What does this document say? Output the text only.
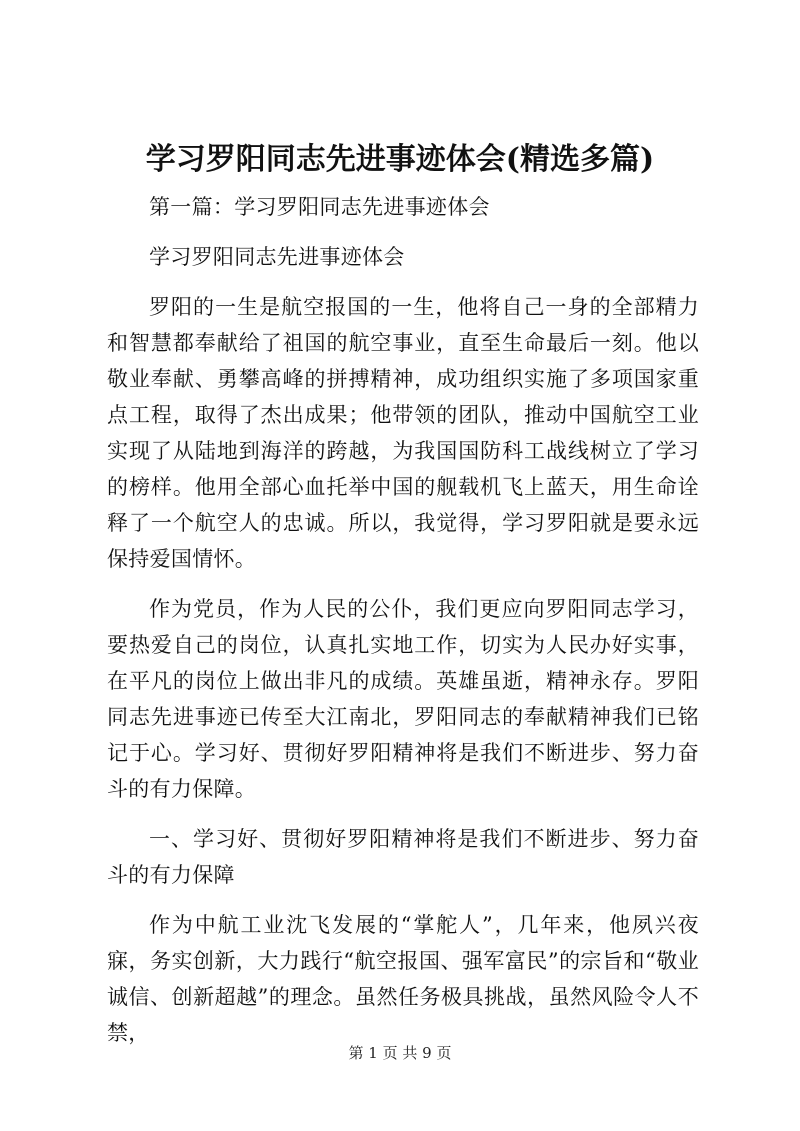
学习罗阳同志先进事迹体会(精选多篇)

第一篇：学习罗阳同志先进事迹体会

学习罗阳同志先进事迹体会

罗阳的一生是航空报国的一生，他将自己一身的全部精力和智慧都奉献给了祖国的航空事业，直至生命最后一刻。他以敬业奉献、勇攀高峰的拼搏精神，成功组织实施了多项国家重点工程，取得了杰出成果；他带领的团队，推动中国航空工业实现了从陆地到海洋的跨越，为我国国防科工战线树立了学习的榜样。他用全部心血托举中国的舰载机飞上蓝天，用生命诠释了一个航空人的忠诚。所以，我觉得，学习罗阳就是要永远保持爱国情怀。

作为党员，作为人民的公仆，我们更应向罗阳同志学习，要热爱自己的岗位，认真扎实地工作，切实为人民办好实事，在平凡的岗位上做出非凡的成绩。英雄虽逝，精神永存。罗阳同志先进事迹已传至大江南北，罗阳同志的奉献精神我们已铭记于心。学习好、贯彻好罗阳精神将是我们不断进步、努力奋斗的有力保障。

一、学习好、贯彻好罗阳精神将是我们不断进步、努力奋斗的有力保障

作为中航工业沈飞发展的“掌舵人”，几年来，他夙兴夜寐，务实创新，大力践行“航空报国、强军富民”的宗旨和“敬业诚信、创新超越”的理念。虽然任务极具挑战，虽然风险令人不禁，

第 1 页 共 9 页
